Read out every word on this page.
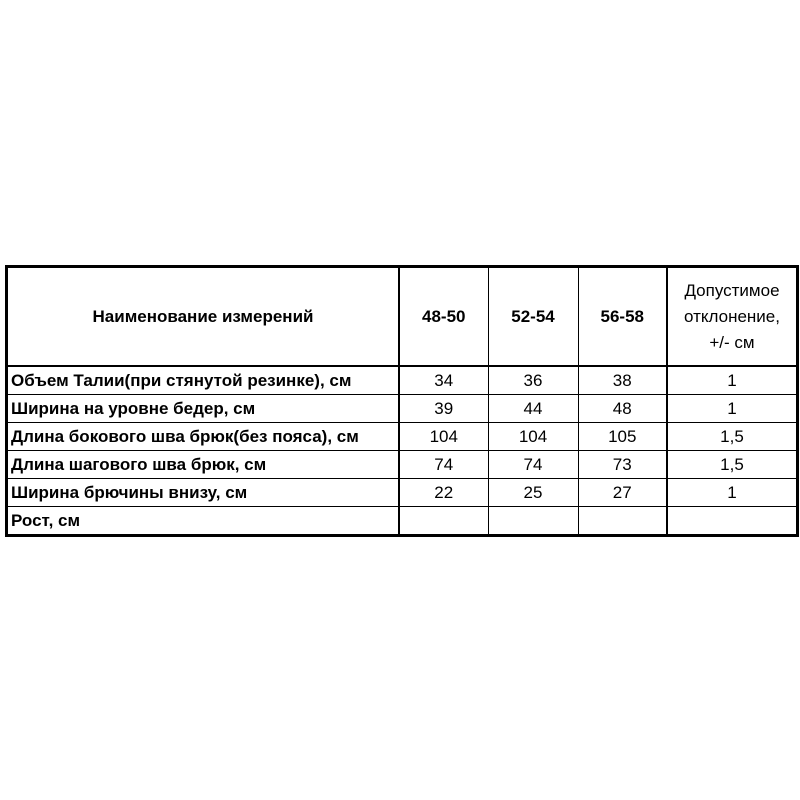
Наименование измерений	48-50	52-54	56-58	Допустимое
отклонение,
+/- см
Объем Талии(при стянутой резинке), см	34	36	38	1
Ширина на уровне бедер, см	39	44	48	1
Длина бокового шва брюк(без пояса), см	104	104	105	1,5
Длина шагового шва брюк, см	74	74	73	1,5
Ширина брючины внизу, см	22	25	27	1
Рост, см				
